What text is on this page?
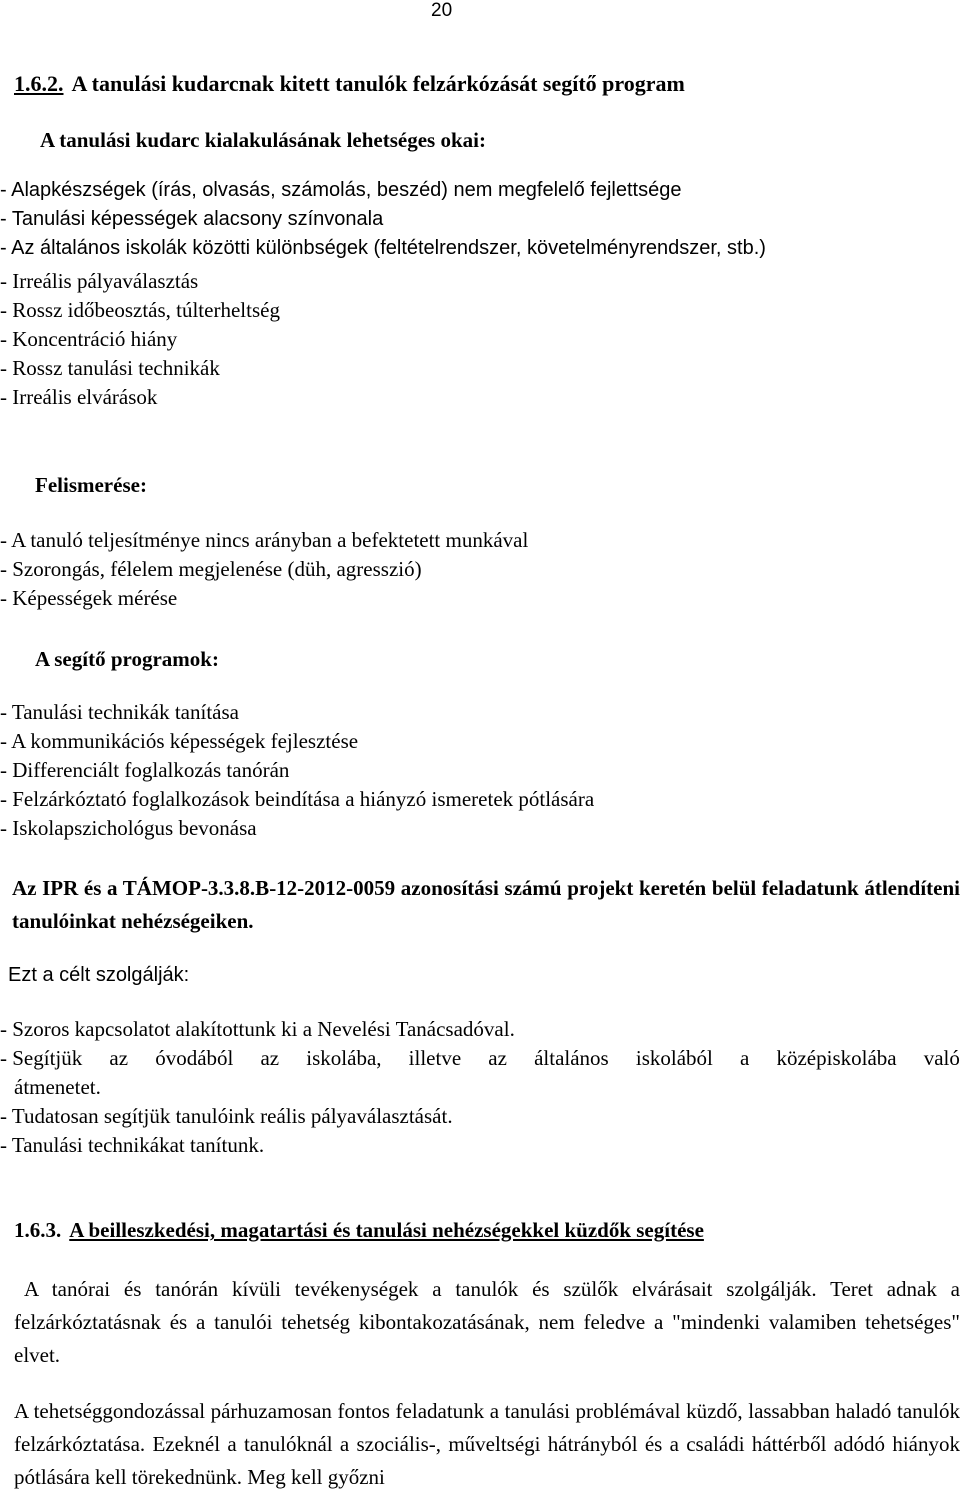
20
1.6.2. A tanulási kudarcnak kitett tanulók felzárkózását segítő program
A tanulási kudarc kialakulásának lehetséges okai:
- Alapkészségek (írás, olvasás, számolás, beszéd) nem megfelelő fejlettsége
- Tanulási képességek alacsony színvonala
- Az általános iskolák közötti különbségek (feltételrendszer, követelményrendszer, stb.)
- Irreális pályaválasztás
- Rossz időbeosztás, túlterheltség
- Koncentráció hiány
- Rossz tanulási technikák
- Irreális elvárások
Felismerése:
- A tanuló teljesítménye nincs arányban a befektetett munkával
- Szorongás, félelem megjelenése (düh, agresszió)
- Képességek mérése
A segítő programok:
- Tanulási technikák tanítása
- A kommunikációs képességek fejlesztése
- Differenciált foglalkozás tanórán
- Felzárkóztató foglalkozások beindítása a hiányzó ismeretek pótlására
- Iskolapszichológus bevonása

Az IPR és a TÁMOP-3.3.8.B-12-2012-0059 azonosítási számú projekt keretén belül feladatunk átlendíteni tanulóinkat nehézségeiken.

Ezt a célt szolgálják:

- Szoros kapcsolatot alakítottunk ki a Nevelési Tanácsadóval.
- Segítjük az óvodából az iskolába, illetve az általános iskolából a középiskolába való
átmenetet.
- Tudatosan segítjük tanulóink reális pályaválasztását.
- Tanulási technikákat tanítunk.
1.6.3. A beilleszkedési, magatartási és tanulási nehézségekkel küzdők segítése

A tanórai és tanórán kívüli tevékenységek a tanulók és szülők elvárásait szolgálják. Teret adnak a felzárkóztatásnak és a tanulói tehetség kibontakozatásának, nem feledve a "mindenki valamiben tehetséges" elvet.

A tehetséggondozással párhuzamosan fontos feladatunk a tanulási problémával küzdő, lassabban haladó tanulók felzárkóztatása. Ezeknél a tanulóknál a szociális-, műveltségi hátrányból és a családi háttérből adódó hiányok pótlására kell törekednünk. Meg kell győzni
